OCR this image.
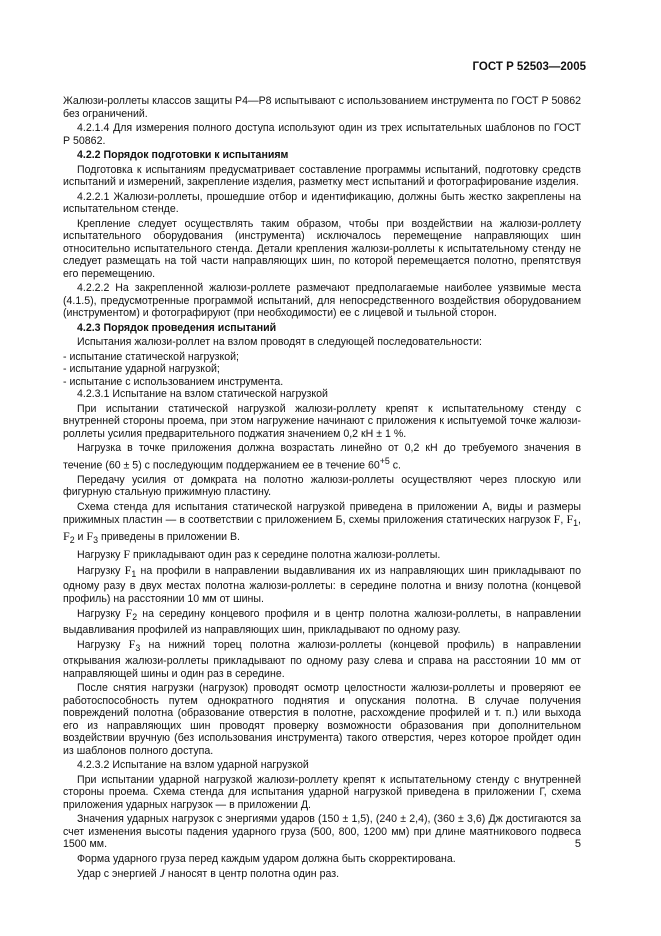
ГОСТ Р 52503—2005

Жалюзи-роллеты классов защиты Р4—Р8 испытывают с использованием инструмента по ГОСТ Р 50862 без ограничений.

4.2.1.4 Для измерения полного доступа используют один из трех испытательных шаблонов по ГОСТ Р 50862.

4.2.2 Порядок подготовки к испытаниям

Подготовка к испытаниям предусматривает составление программы испытаний, подготовку средств испытаний и измерений, закрепление изделия, разметку мест испытаний и фотографирование изделия.

4.2.2.1 Жалюзи-роллеты, прошедшие отбор и идентификацию, должны быть жестко закреплены на испытательном стенде.

Крепление следует осуществлять таким образом, чтобы при воздействии на жалюзи-роллету испытательного оборудования (инструмента) исключалось перемещение направляющих шин относительно испытательного стенда. Детали крепления жалюзи-роллеты к испытательному стенду не следует размещать на той части направляющих шин, по которой перемещается полотно, препятствуя его перемещению.

4.2.2.2 На закрепленной жалюзи-роллете размечают предполагаемые наиболее уязвимые места (4.1.5), предусмотренные программой испытаний, для непосредственного воздействия оборудованием (инструментом) и фотографируют (при необходимости) ее с лицевой и тыльной сторон.

4.2.3 Порядок проведения испытаний

Испытания жалюзи-роллет на взлом проводят в следующей последовательности:

- испытание статической нагрузкой;

- испытание ударной нагрузкой;

- испытание с использованием инструмента.

4.2.3.1 Испытание на взлом статической нагрузкой

При испытании статической нагрузкой жалюзи-роллету крепят к испытательному стенду с внутренней стороны проема, при этом нагружение начинают с приложения к испытуемой точке жалюзи-роллеты усилия предварительного поджатия значением 0,2 кН ± 1 %.

Нагрузка в точке приложения должна возрастать линейно от 0,2 кН до требуемого значения в течение (60 ± 5) с последующим поддержанием ее в течение $60^{+5}$ с.

Передачу усилия от домкрата на полотно жалюзи-роллеты осуществляют через плоскую или фигурную стальную прижимную пластину.

Схема стенда для испытания статической нагрузкой приведена в приложении А, виды и размеры прижимных пластин — в соответствии с приложением Б, схемы приложения статических нагрузок F, $F_1$, $F_2$ и $F_3$ приведены в приложении В.

Нагрузку F прикладывают один раз к середине полотна жалюзи-роллеты.

Нагрузку $F_1$ на профили в направлении выдавливания их из направляющих шин прикладывают по одному разу в двух местах полотна жалюзи-роллеты: в середине полотна и внизу полотна (концевой профиль) на расстоянии 10 мм от шины.

Нагрузку $F_2$ на середину концевого профиля и в центр полотна жалюзи-роллеты, в направлении выдавливания профилей из направляющих шин, прикладывают по одному разу.

Нагрузку $F_3$ на нижний торец полотна жалюзи-роллеты (концевой профиль) в направлении открывания жалюзи-роллеты прикладывают по одному разу слева и справа на расстоянии 10 мм от направляющей шины и один раз в середине.

После снятия нагрузки (нагрузок) проводят осмотр целостности жалюзи-роллеты и проверяют ее работоспособность путем однократного поднятия и опускания полотна. В случае получения повреждений полотна (образование отверстия в полотне, расхождение профилей и т. п.) или выхода его из направляющих шин проводят проверку возможности образования при дополнительном воздействии вручную (без использования инструмента) такого отверстия, через которое пройдет один из шаблонов полного доступа.

4.2.3.2 Испытание на взлом ударной нагрузкой

При испытании ударной нагрузкой жалюзи-роллету крепят к испытательному стенду с внутренней стороны проема. Схема стенда для испытания ударной нагрузкой приведена в приложении Г, схема приложения ударных нагрузок — в приложении Д.

Значения ударных нагрузок с энергиями ударов (150 ± 1,5), (240 ± 2,4), (360 ± 3,6) Дж достигаются за счет изменения высоты падения ударного груза (500, 800, 1200 мм) при длине маятникового подвеса 1500 мм.

Форма ударного груза перед каждым ударом должна быть скорректирована.

Удар с энергией J наносят в центр полотна один раз.

5
